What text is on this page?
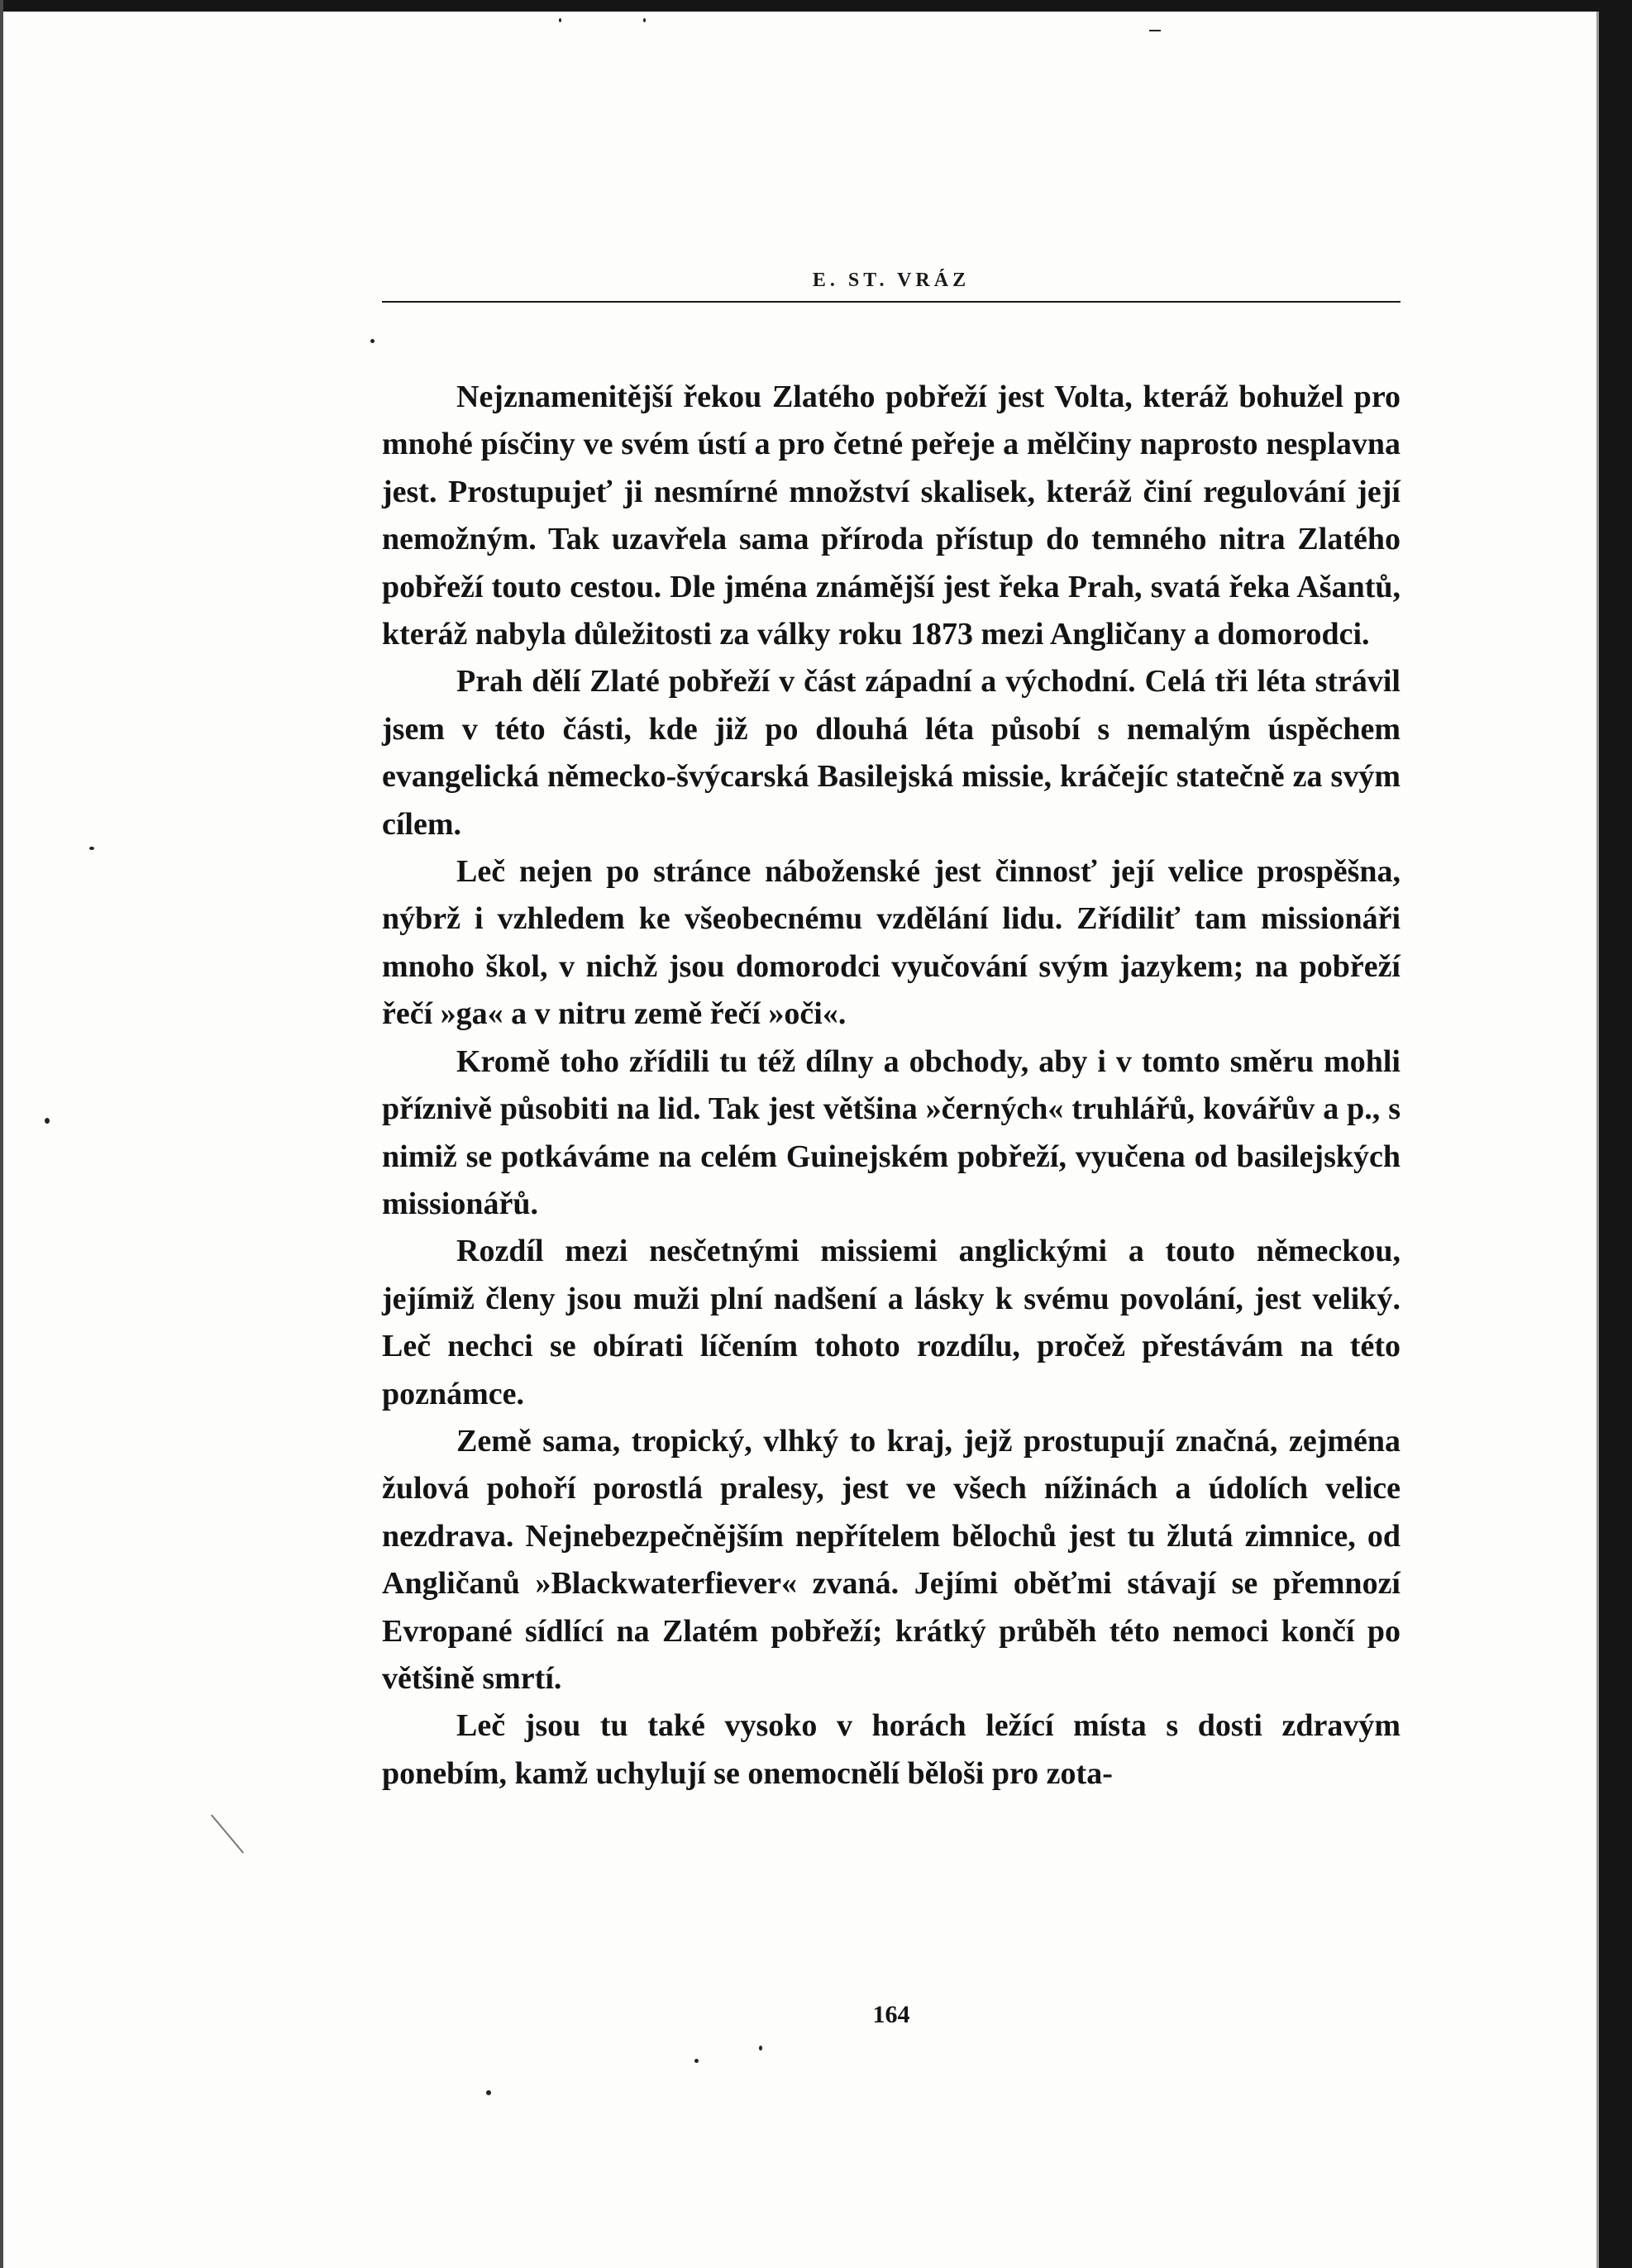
E. ST. VRÁZ

Nejznamenitější řekou Zlatého pobřeží jest Volta, kteráž bohužel pro mnohé písčiny ve svém ústí a pro četné peřeje a mělčiny naprosto nesplavna jest. Prostupujeť ji nesmírné množství skalisek, kteráž činí regulování její nemožným. Tak uzavřela sama příroda přístup do temného nitra Zlatého pobřeží touto cestou. Dle jména známější jest řeka Prah, svatá řeka Ašantů, kteráž nabyla důležitosti za války roku 1873 mezi Angličany a domorodci.

Prah dělí Zlaté pobřeží v část západní a východní. Celá tři léta strávil jsem v této části, kde již po dlouhá léta působí s nemalým úspěchem evangelická německo-švýcarská Basilejská missie, kráčejíc statečně za svým cílem.

Leč nejen po stránce náboženské jest činnosť její velice prospěšna, nýbrž i vzhledem ke všeobecnému vzdělání lidu. Zřídiliť tam missionáři mnoho škol, v nichž jsou domorodci vyučování svým jazykem; na pobřeží řečí »ga« a v nitru země řečí »oči«.

Kromě toho zřídili tu též dílny a obchody, aby i v tomto směru mohli příznivě působiti na lid. Tak jest většina »černých« truhlářů, kovářův a p., s nimiž se potkáváme na celém Guinejském pobřeží, vyučena od basilejských missionářů.

Rozdíl mezi nesčetnými missiemi anglickými a touto německou, jejímiž členy jsou muži plní nadšení a lásky k svému povolání, jest veliký. Leč nechci se obírati líčením tohoto rozdílu, pročež přestávám na této poznámce.

Země sama, tropický, vlhký to kraj, jejž prostupují značná, zejména žulová pohoří porostlá pralesy, jest ve všech nížinách a údolích velice nezdrava. Nejnebezpečnějším nepřítelem bělochů jest tu žlutá zimnice, od Angličanů »Blackwaterfiever« zvaná. Jejími oběťmi stávají se přemnozí Evropané sídlící na Zlatém pobřeží; krátký průběh této nemoci končí po většině smrtí.

Leč jsou tu také vysoko v horách ležící místa s dosti zdravým ponebím, kamž uchylují se onemocnělí běloši pro zota-

164
